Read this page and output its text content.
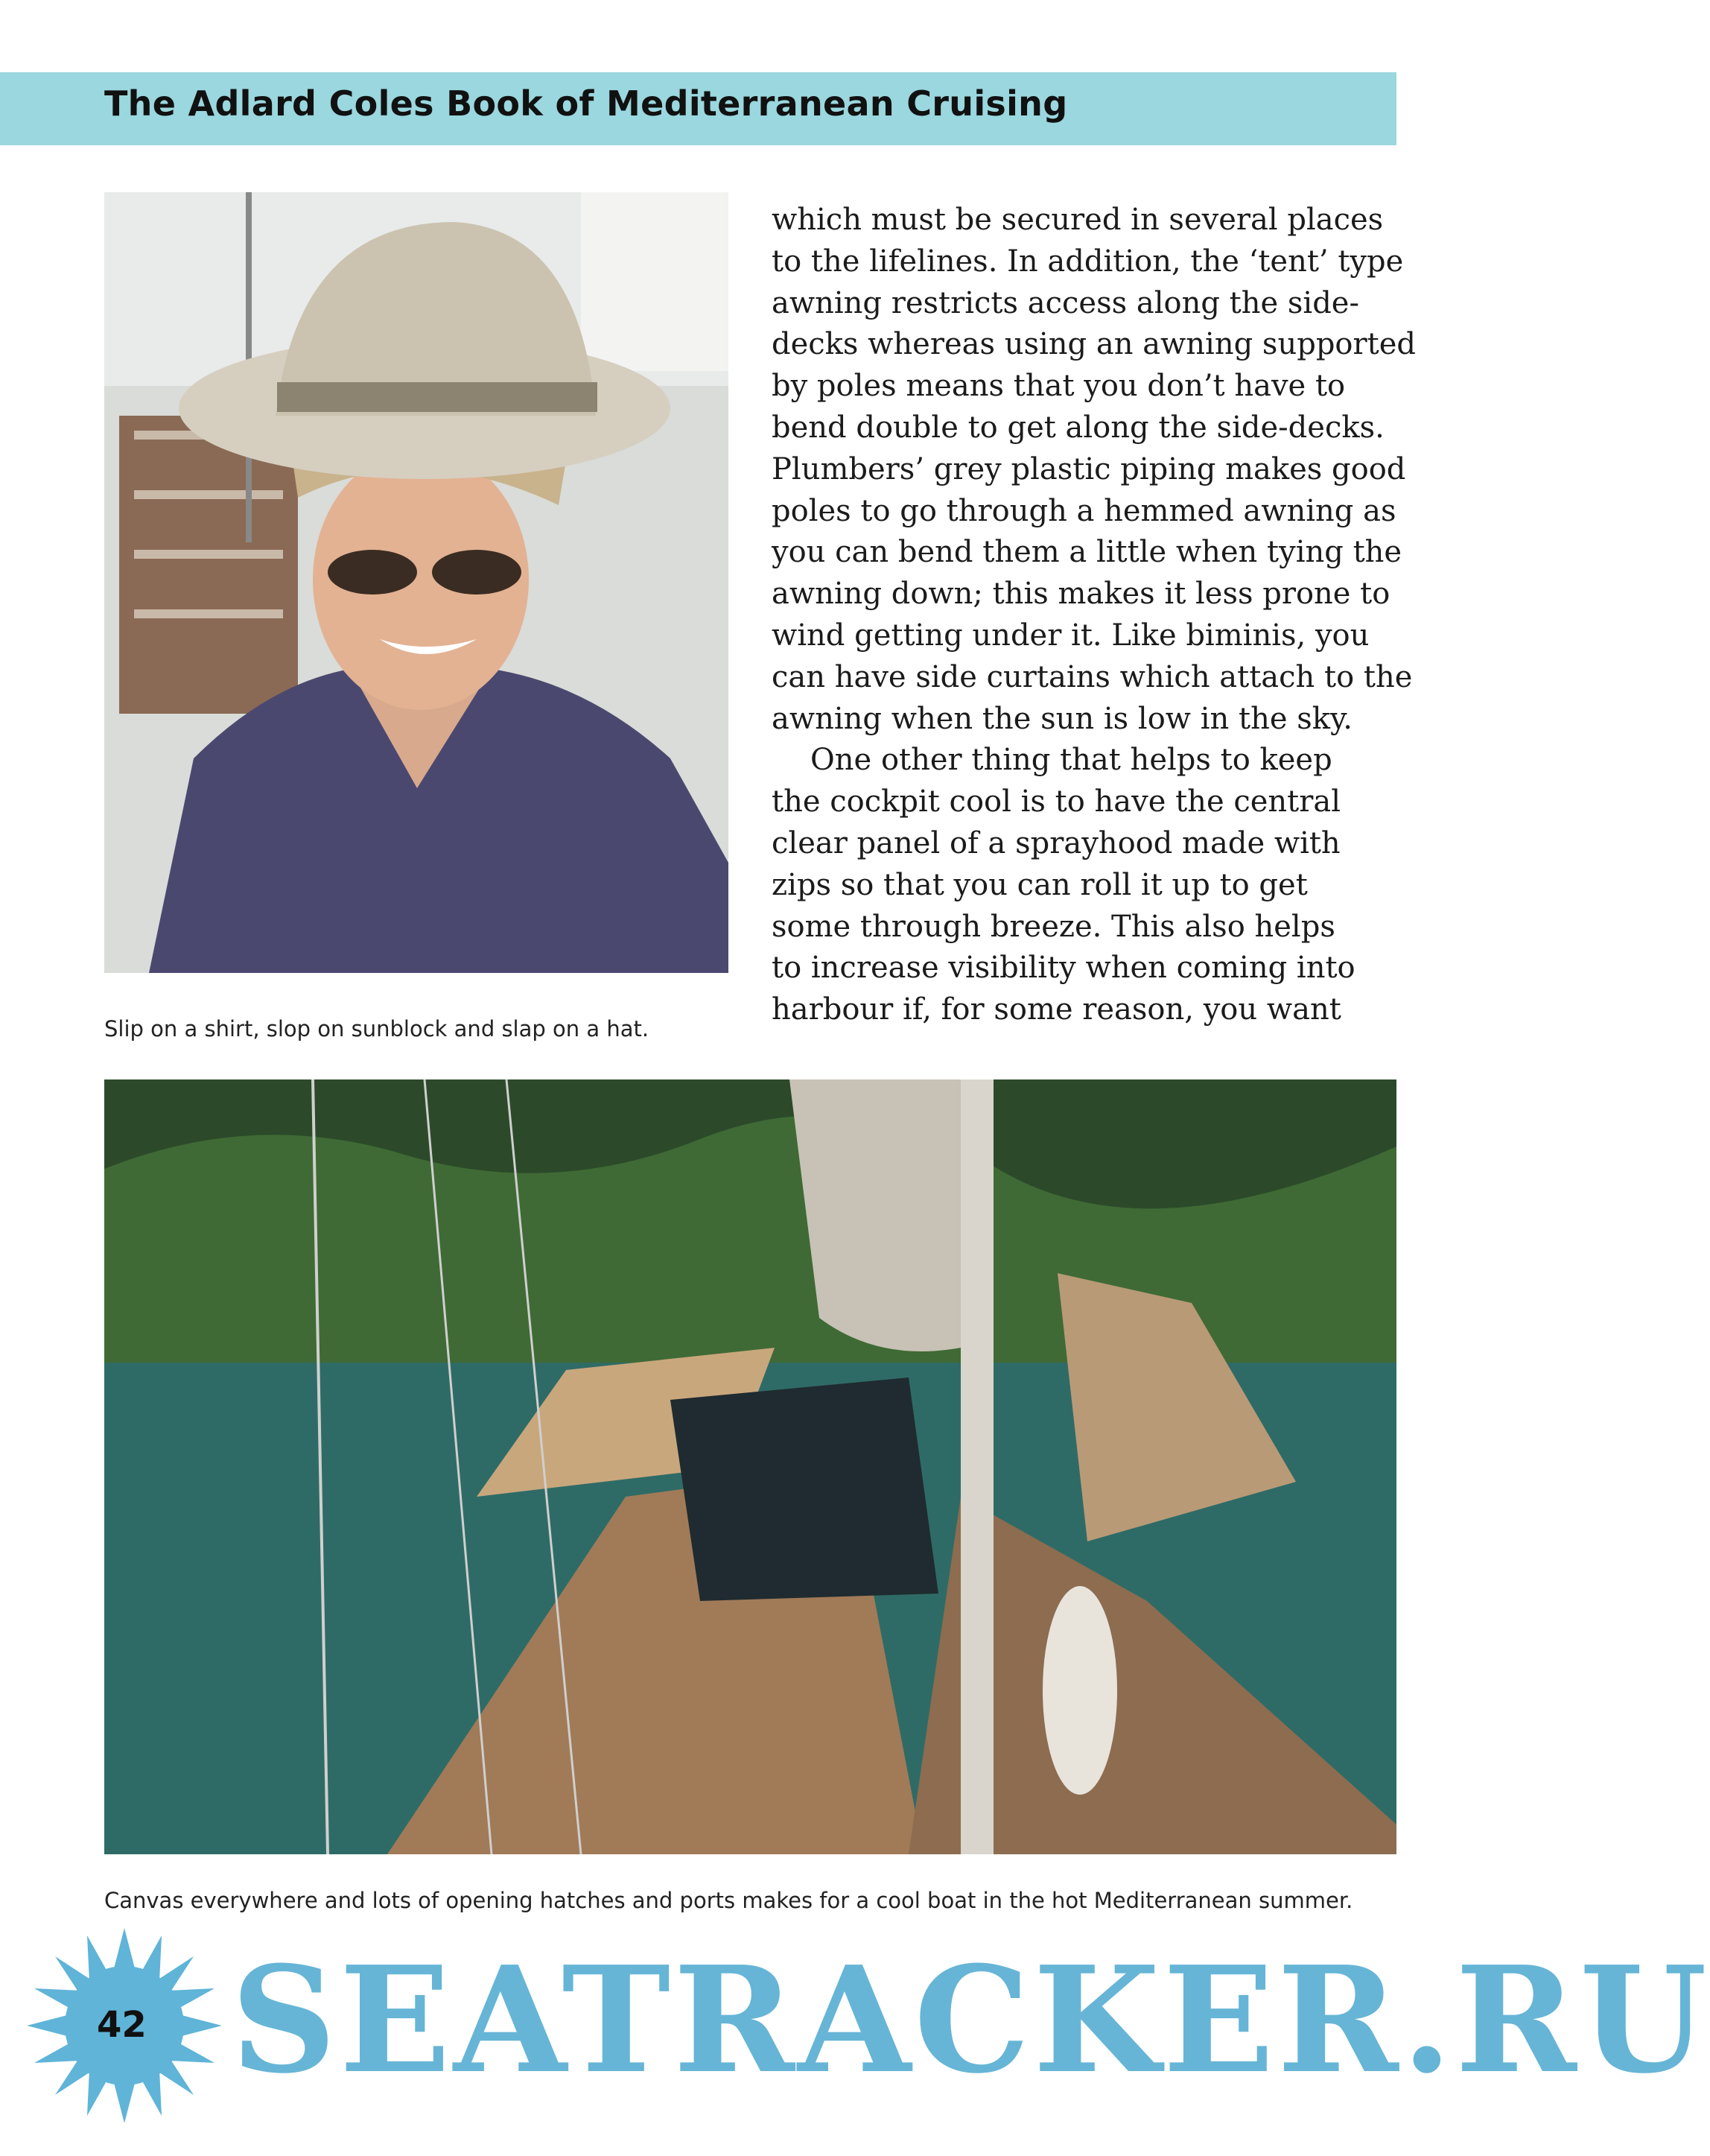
The Adlard Coles Book of Mediterranean Cruising
Slip on a shirt, slop on sunblock and slap on a hat.
which must be secured in several places
to the lifelines. In addition, the ‘tent’ type
awning restricts access along the side-
decks whereas using an awning supported
by poles means that you don’t have to
bend double to get along the side-decks.
Plumbers’ grey plastic piping makes good
poles to go through a hemmed awning as
you can bend them a little when tying the
awning down; this makes it less prone to
wind getting under it. Like biminis, you
can have side curtains which attach to the
awning when the sun is low in the sky.
One other thing that helps to keep
the cockpit cool is to have the central
clear panel of a sprayhood made with
zips so that you can roll it up to get
some through breeze. This also helps
to increase visibility when coming into
harbour if, for some reason, you want
Canvas everywhere and lots of opening hatches and ports makes for a cool boat in the hot Mediterranean summer.
42 SEATRACKER.RU
